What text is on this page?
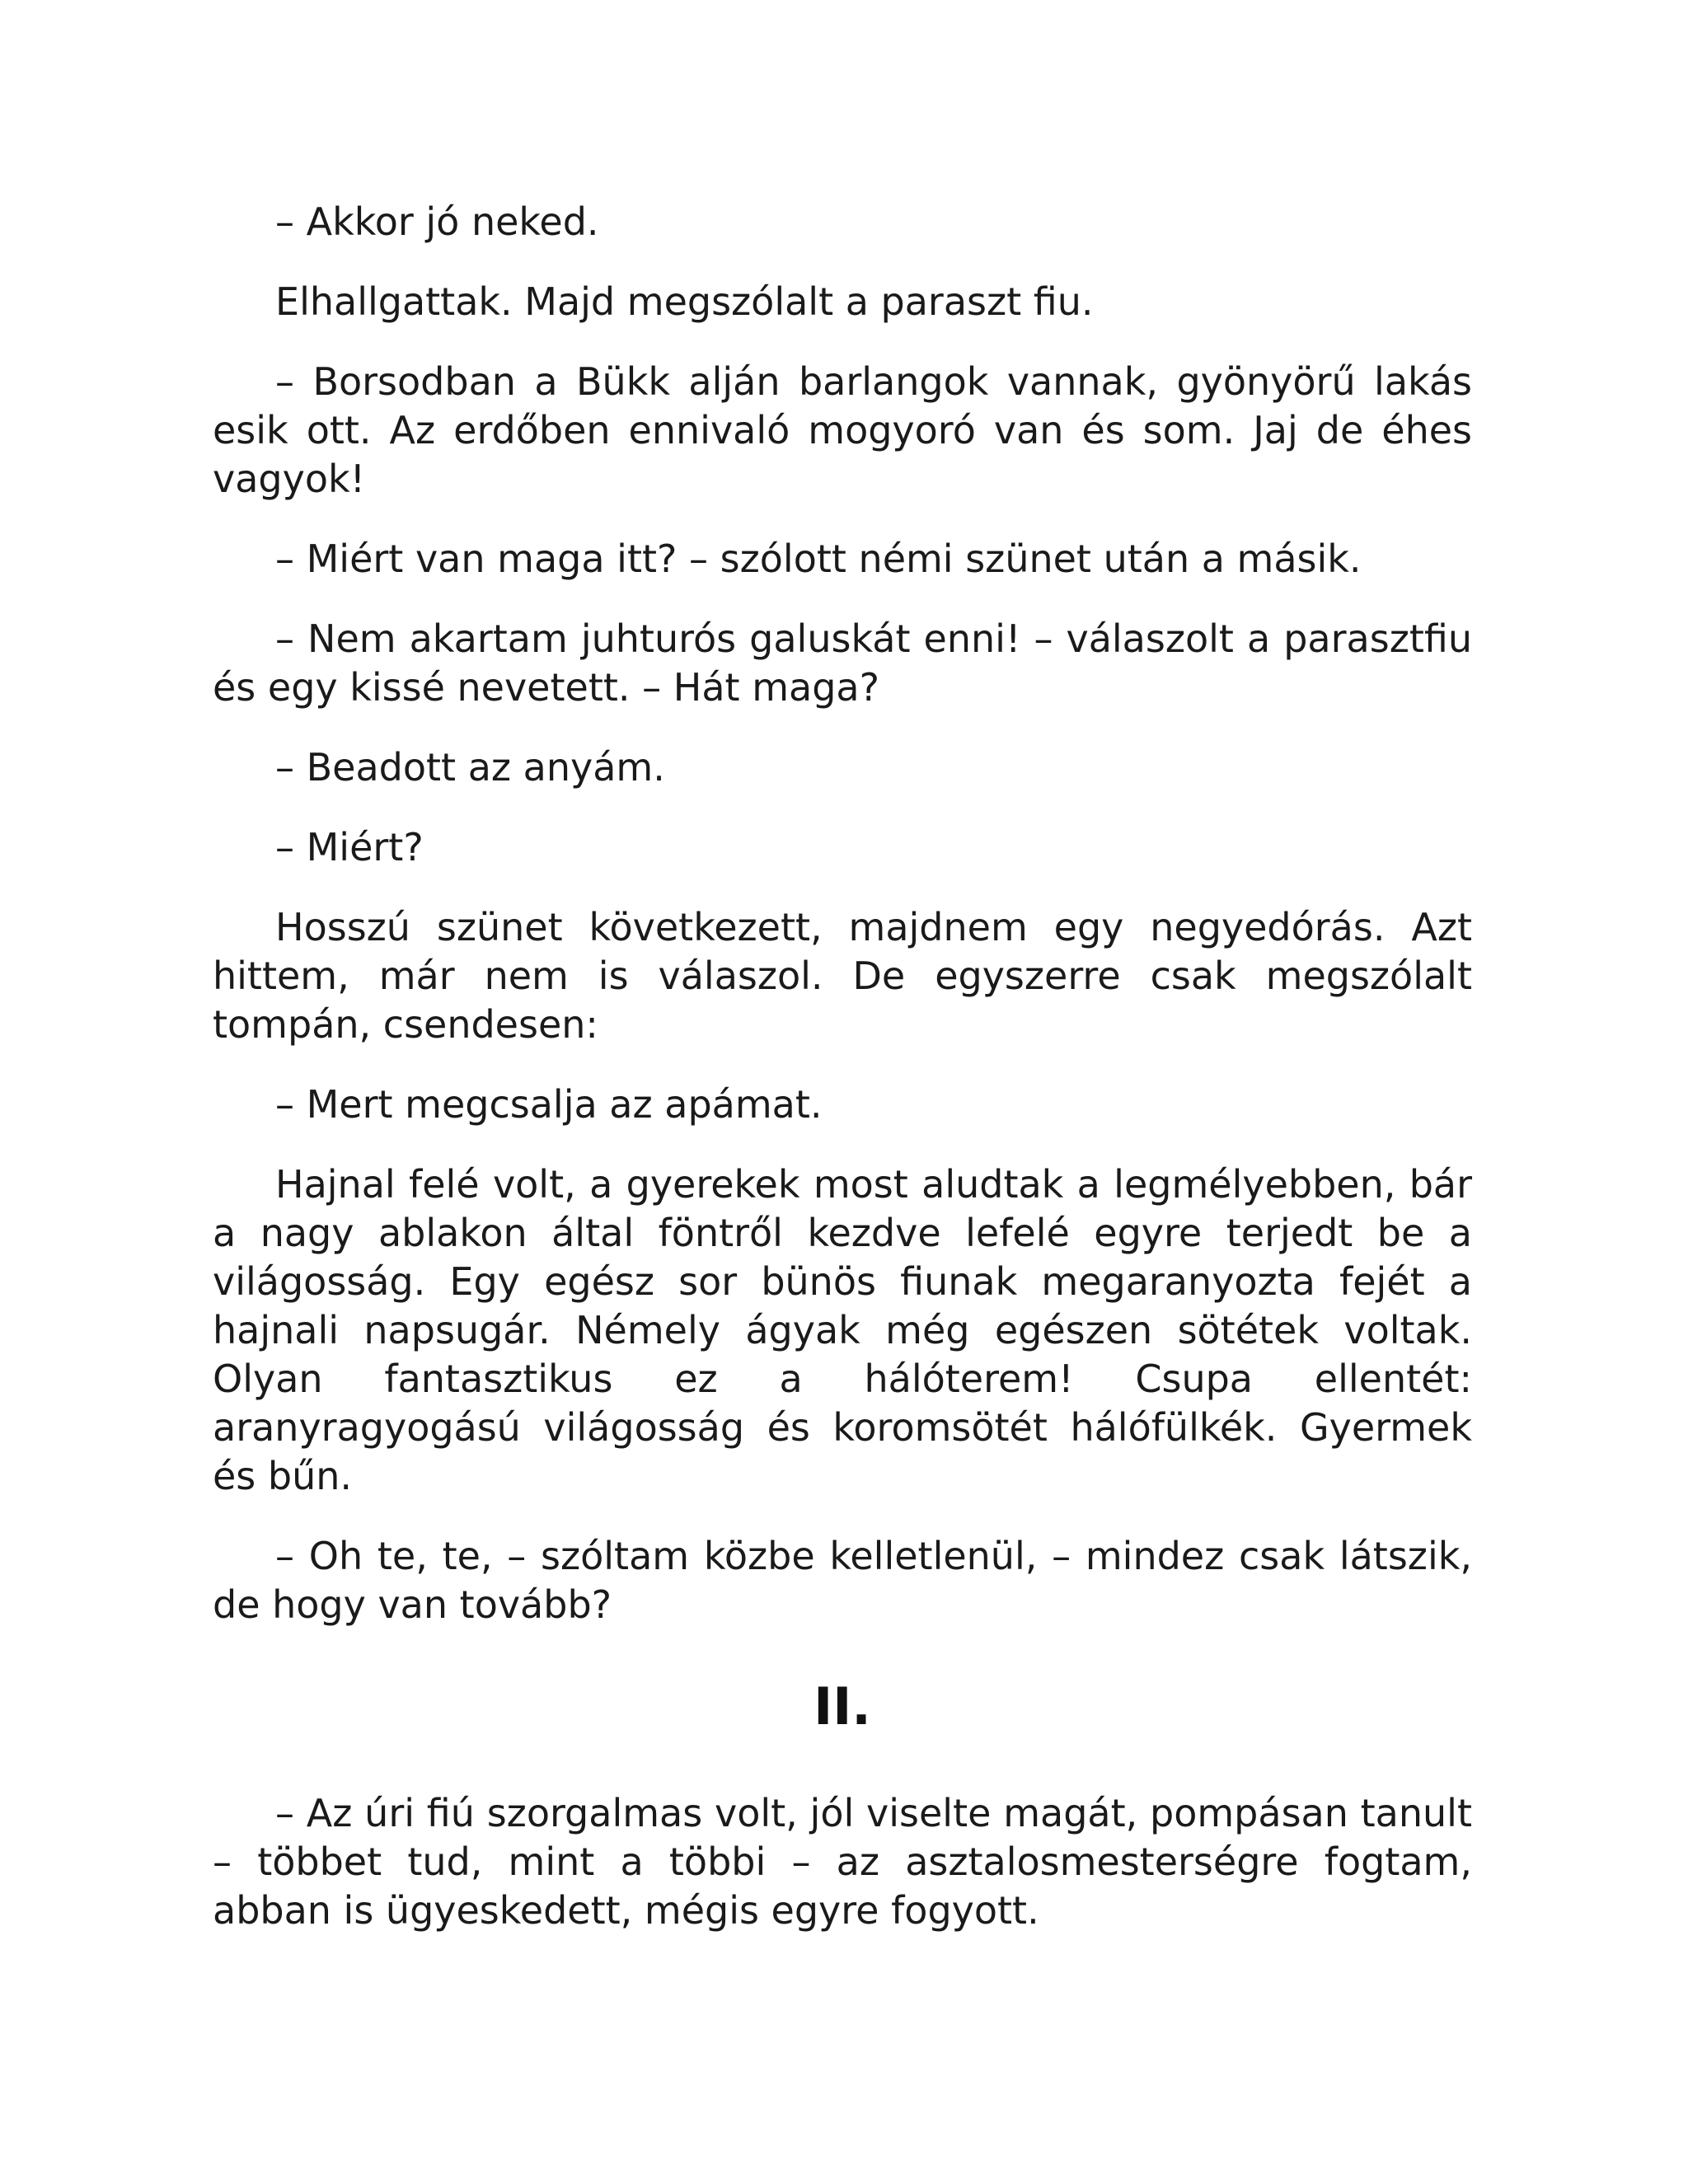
– Akkor jó neked.

Elhallgattak. Majd megszólalt a paraszt fiu.

– Borsodban a Bükk alján barlangok vannak, gyönyörű lakás esik ott. Az erdőben ennivaló mogyoró van és som. Jaj de éhes vagyok!

– Miért van maga itt? – szólott némi szünet után a másik.

– Nem akartam juhturós galuskát enni! – válaszolt a parasztfiu és egy kissé nevetett. – Hát maga?

– Beadott az anyám.

– Miért?

Hosszú szünet következett, majdnem egy negyedórás. Azt hittem, már nem is válaszol. De egyszerre csak megszólalt tompán, csendesen:

– Mert megcsalja az apámat.

Hajnal felé volt, a gyerekek most aludtak a legmélyebben, bár a nagy ablakon által föntről kezdve lefelé egyre terjedt be a világosság. Egy egész sor bünös fiunak megaranyozta fejét a hajnali napsugár. Némely ágyak még egészen sötétek voltak. Olyan fantasztikus ez a hálóterem! Csupa ellentét: aranyragyogású világosság és koromsötét hálófülkék. Gyermek és bűn.

– Oh te, te, – szóltam közbe kelletlenül, – mindez csak látszik, de hogy van tovább?

II.

– Az úri fiú szorgalmas volt, jól viselte magát, pompásan tanult – többet tud, mint a többi – az asztalosmesterségre fogtam, abban is ügyeskedett, mégis egyre fogyott.
